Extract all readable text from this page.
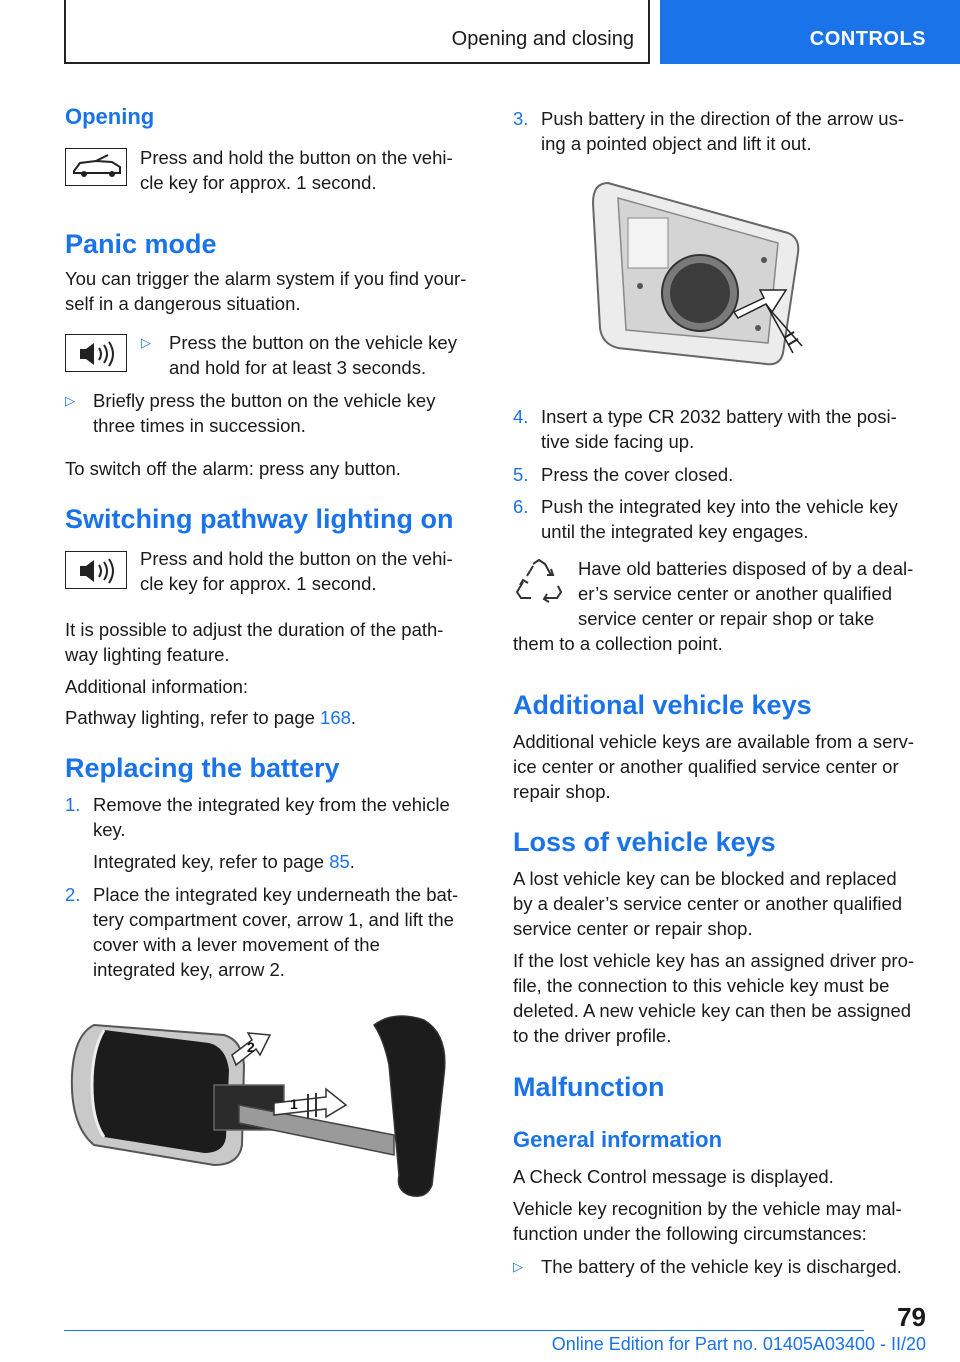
Opening and closing	CONTROLS
Opening
Press and hold the button on the vehi‐
cle key for approx. 1 second.
Panic mode
You can trigger the alarm system if you find your‐
self in a dangerous situation.
▷ Press the button on the vehicle key
and hold for at least 3 seconds.
▷ Briefly press the button on the vehicle key
three times in succession.
To switch off the alarm: press any button.
Switching pathway lighting on
Press and hold the button on the vehi‐
cle key for approx. 1 second.
It is possible to adjust the duration of the path‐
way lighting feature.
Additional information:
Pathway lighting, refer to page 168.
Replacing the battery
1. Remove the integrated key from the vehicle
key.
Integrated key, refer to page 85.
2. Place the integrated key underneath the bat‐
tery compartment cover, arrow 1, and lift the
cover with a lever movement of the
integrated key, arrow 2.
1
2
3. Push battery in the direction of the arrow us‐
ing a pointed object and lift it out.
4. Insert a type CR 2032 battery with the posi‐
tive side facing up.
5. Press the cover closed.
6. Push the integrated key into the vehicle key
until the integrated key engages.
Have old batteries disposed of by a deal‐
er’s service center or another qualified
service center or repair shop or take
them to a collection point.
Additional vehicle keys
Additional vehicle keys are available from a serv‐
ice center or another qualified service center or
repair shop.
Loss of vehicle keys
A lost vehicle key can be blocked and replaced
by a dealer’s service center or another qualified
service center or repair shop.
If the lost vehicle key has an assigned driver pro‐
file, the connection to this vehicle key must be
deleted. A new vehicle key can then be assigned
to the driver profile.
Malfunction
General information
A Check Control message is displayed.
Vehicle key recognition by the vehicle may mal‐
function under the following circumstances:
▷ The battery of the vehicle key is discharged.
79
Online Edition for Part no. 01405A03400 - II/20
